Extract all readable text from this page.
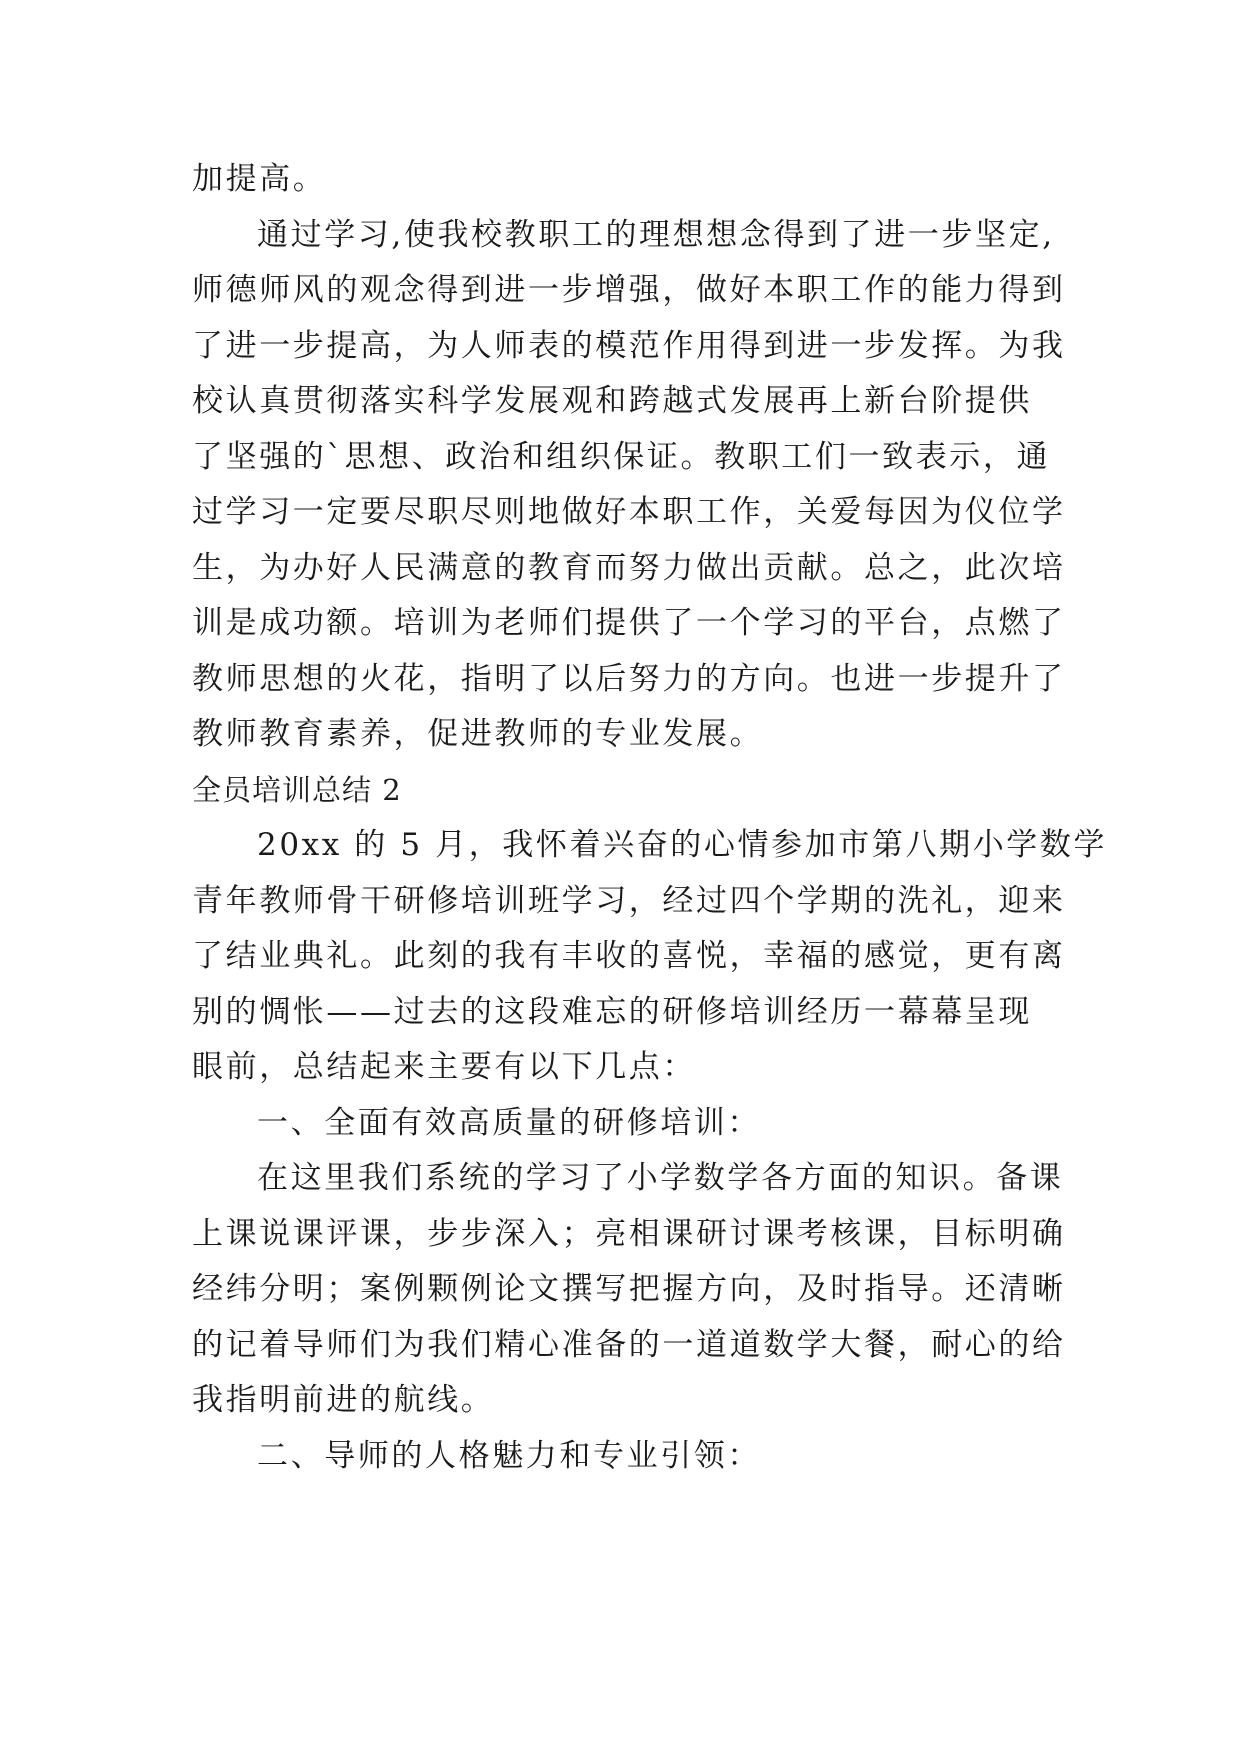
加提高。
通过学习,使我校教职工的理想想念得到了进一步坚定,
师德师风的观念得到进一步增强，做好本职工作的能力得到
了进一步提高，为人师表的模范作用得到进一步发挥。为我
校认真贯彻落实科学发展观和跨越式发展再上新台阶提供
了坚强的`思想、政治和组织保证。教职工们一致表示，通
过学习一定要尽职尽则地做好本职工作，关爱每因为仪位学
生，为办好人民满意的教育而努力做出贡献。总之，此次培
训是成功额。培训为老师们提供了一个学习的平台，点燃了
教师思想的火花，指明了以后努力的方向。也进一步提升了
教师教育素养，促进教师的专业发展。
全员培训总结 2
20xx 的 5 月，我怀着兴奋的心情参加市第八期小学数学
青年教师骨干研修培训班学习，经过四个学期的洗礼，迎来
了结业典礼。此刻的我有丰收的喜悦，幸福的感觉，更有离
别的惆怅——过去的这段难忘的研修培训经历一幕幕呈现
眼前，总结起来主要有以下几点：
一、全面有效高质量的研修培训：
在这里我们系统的学习了小学数学各方面的知识。备课
上课说课评课，步步深入；亮相课研讨课考核课，目标明确
经纬分明；案例颗例论文撰写把握方向，及时指导。还清晰
的记着导师们为我们精心准备的一道道数学大餐，耐心的给
我指明前进的航线。
二、导师的人格魅力和专业引领：
